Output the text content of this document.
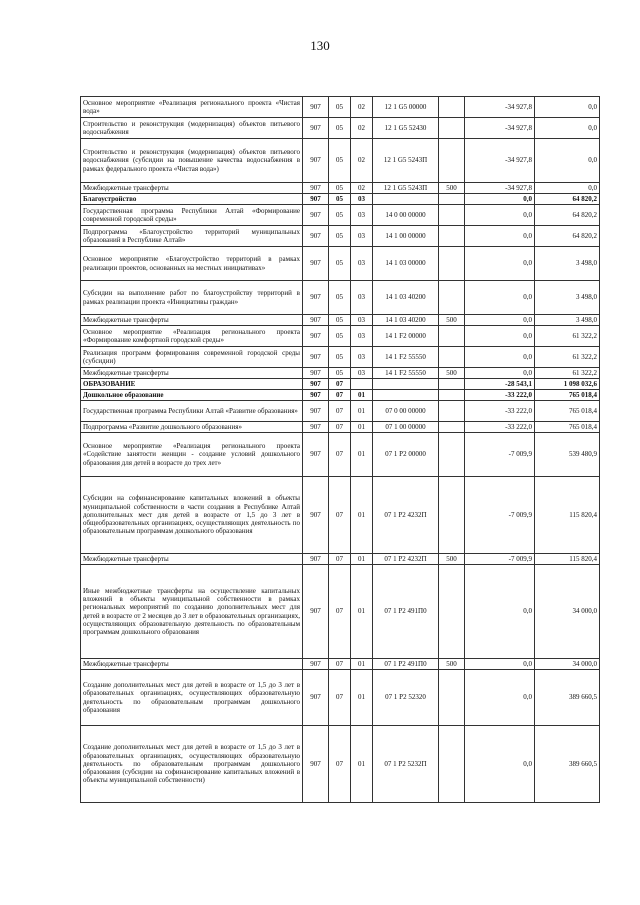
130
Основное мероприятие «Реализация регионального проекта «Чистая вода»	907	05	02	12 1 G5 00000		-34 927,8	0,0
Строительство и реконструкция (модернизация) объектов питьевого водоснабжения	907	05	02	12 1 G5 52430		-34 927,8	0,0
Строительство и реконструкция (модернизация) объектов питьевого водоснабжения (субсидии на повышение качества водоснабжения в рамках федерального проекта «Чистая вода»)	907	05	02	12 1 G5 5243П		-34 927,8	0,0
Межбюджетные трансферты	907	05	02	12 1 G5 5243П	500	-34 927,8	0,0
Благоустройство	907	05	03			0,0	64 820,2
Государственная программа Республики Алтай «Формирование современной городской среды»	907	05	03	14 0 00 00000		0,0	64 820,2
Подпрограмма «Благоустройство территорий муниципальных образований в Республике Алтай»	907	05	03	14 1 00 00000		0,0	64 820,2
Основное мероприятие «Благоустройство территорий в рамках реализации проектов, основанных на местных инициативах»	907	05	03	14 1 03 00000		0,0	3 498,0
Субсидии на выполнение работ по благоустройству территорий в рамках реализации проекта «Инициативы граждан»	907	05	03	14 1 03 40200		0,0	3 498,0
Межбюджетные трансферты	907	05	03	14 1 03 40200	500	0,0	3 498,0
Основное мероприятие «Реализация регионального проекта «Формирование комфортной городской среды»	907	05	03	14 1 F2 00000		0,0	61 322,2
Реализация программ формирования современной городской среды (субсидии)	907	05	03	14 1 F2 55550		0,0	61 322,2
Межбюджетные трансферты	907	05	03	14 1 F2 55550	500	0,0	61 322,2
ОБРАЗОВАНИЕ	907	07				-28 543,1	1 098 032,6
Дошкольное образование	907	07	01			-33 222,0	765 018,4
Государственная программа Республики Алтай «Развитие образования»	907	07	01	07 0 00 00000		-33 222,0	765 018,4
Подпрограмма «Развитие дошкольного образования»	907	07	01	07 1 00 00000		-33 222,0	765 018,4
Основное мероприятие «Реализация регионального проекта «Содействие занятости женщин - создание условий дошкольного образования для детей в возрасте до трех лет»	907	07	01	07 1 P2 00000		-7 009,9	539 480,9
Субсидии на софинансирование капитальных вложений в объекты муниципальной собственности в части создания в Республике Алтай дополнительных мест для детей в возрасте от 1,5 до 3 лет в общеобразовательных организациях, осуществляющих деятельность по образовательным программам дошкольного образования	907	07	01	07 1 P2 4232П		-7 009,9	115 820,4
Межбюджетные трансферты	907	07	01	07 1 P2 4232П	500	-7 009,9	115 820,4
Иные межбюджетные трансферты на осуществление капитальных вложений в объекты муниципальной собственности в рамках региональных мероприятий по созданию дополнительных мест для детей в возрасте от 2 месяцев до 3 лет в образовательных организациях, осуществляющих образовательную деятельность по образовательным программам дошкольного образования	907	07	01	07 1 P2 491П0		0,0	34 000,0
Межбюджетные трансферты	907	07	01	07 1 P2 491П0	500	0,0	34 000,0
Создание дополнительных мест для детей в возрасте от 1,5 до 3 лет в образовательных организациях, осуществляющих образовательную деятельность по образовательным программам дошкольного образования	907	07	01	07 1 P2 52320		0,0	389 660,5
Создание дополнительных мест для детей в возрасте от 1,5 до 3 лет в образовательных организациях, осуществляющих образовательную деятельность по образовательным программам дошкольного образования (субсидии на софинансирование капитальных вложений в объекты муниципальной собственности)	907	07	01	07 1 P2 5232П		0,0	389 660,5
